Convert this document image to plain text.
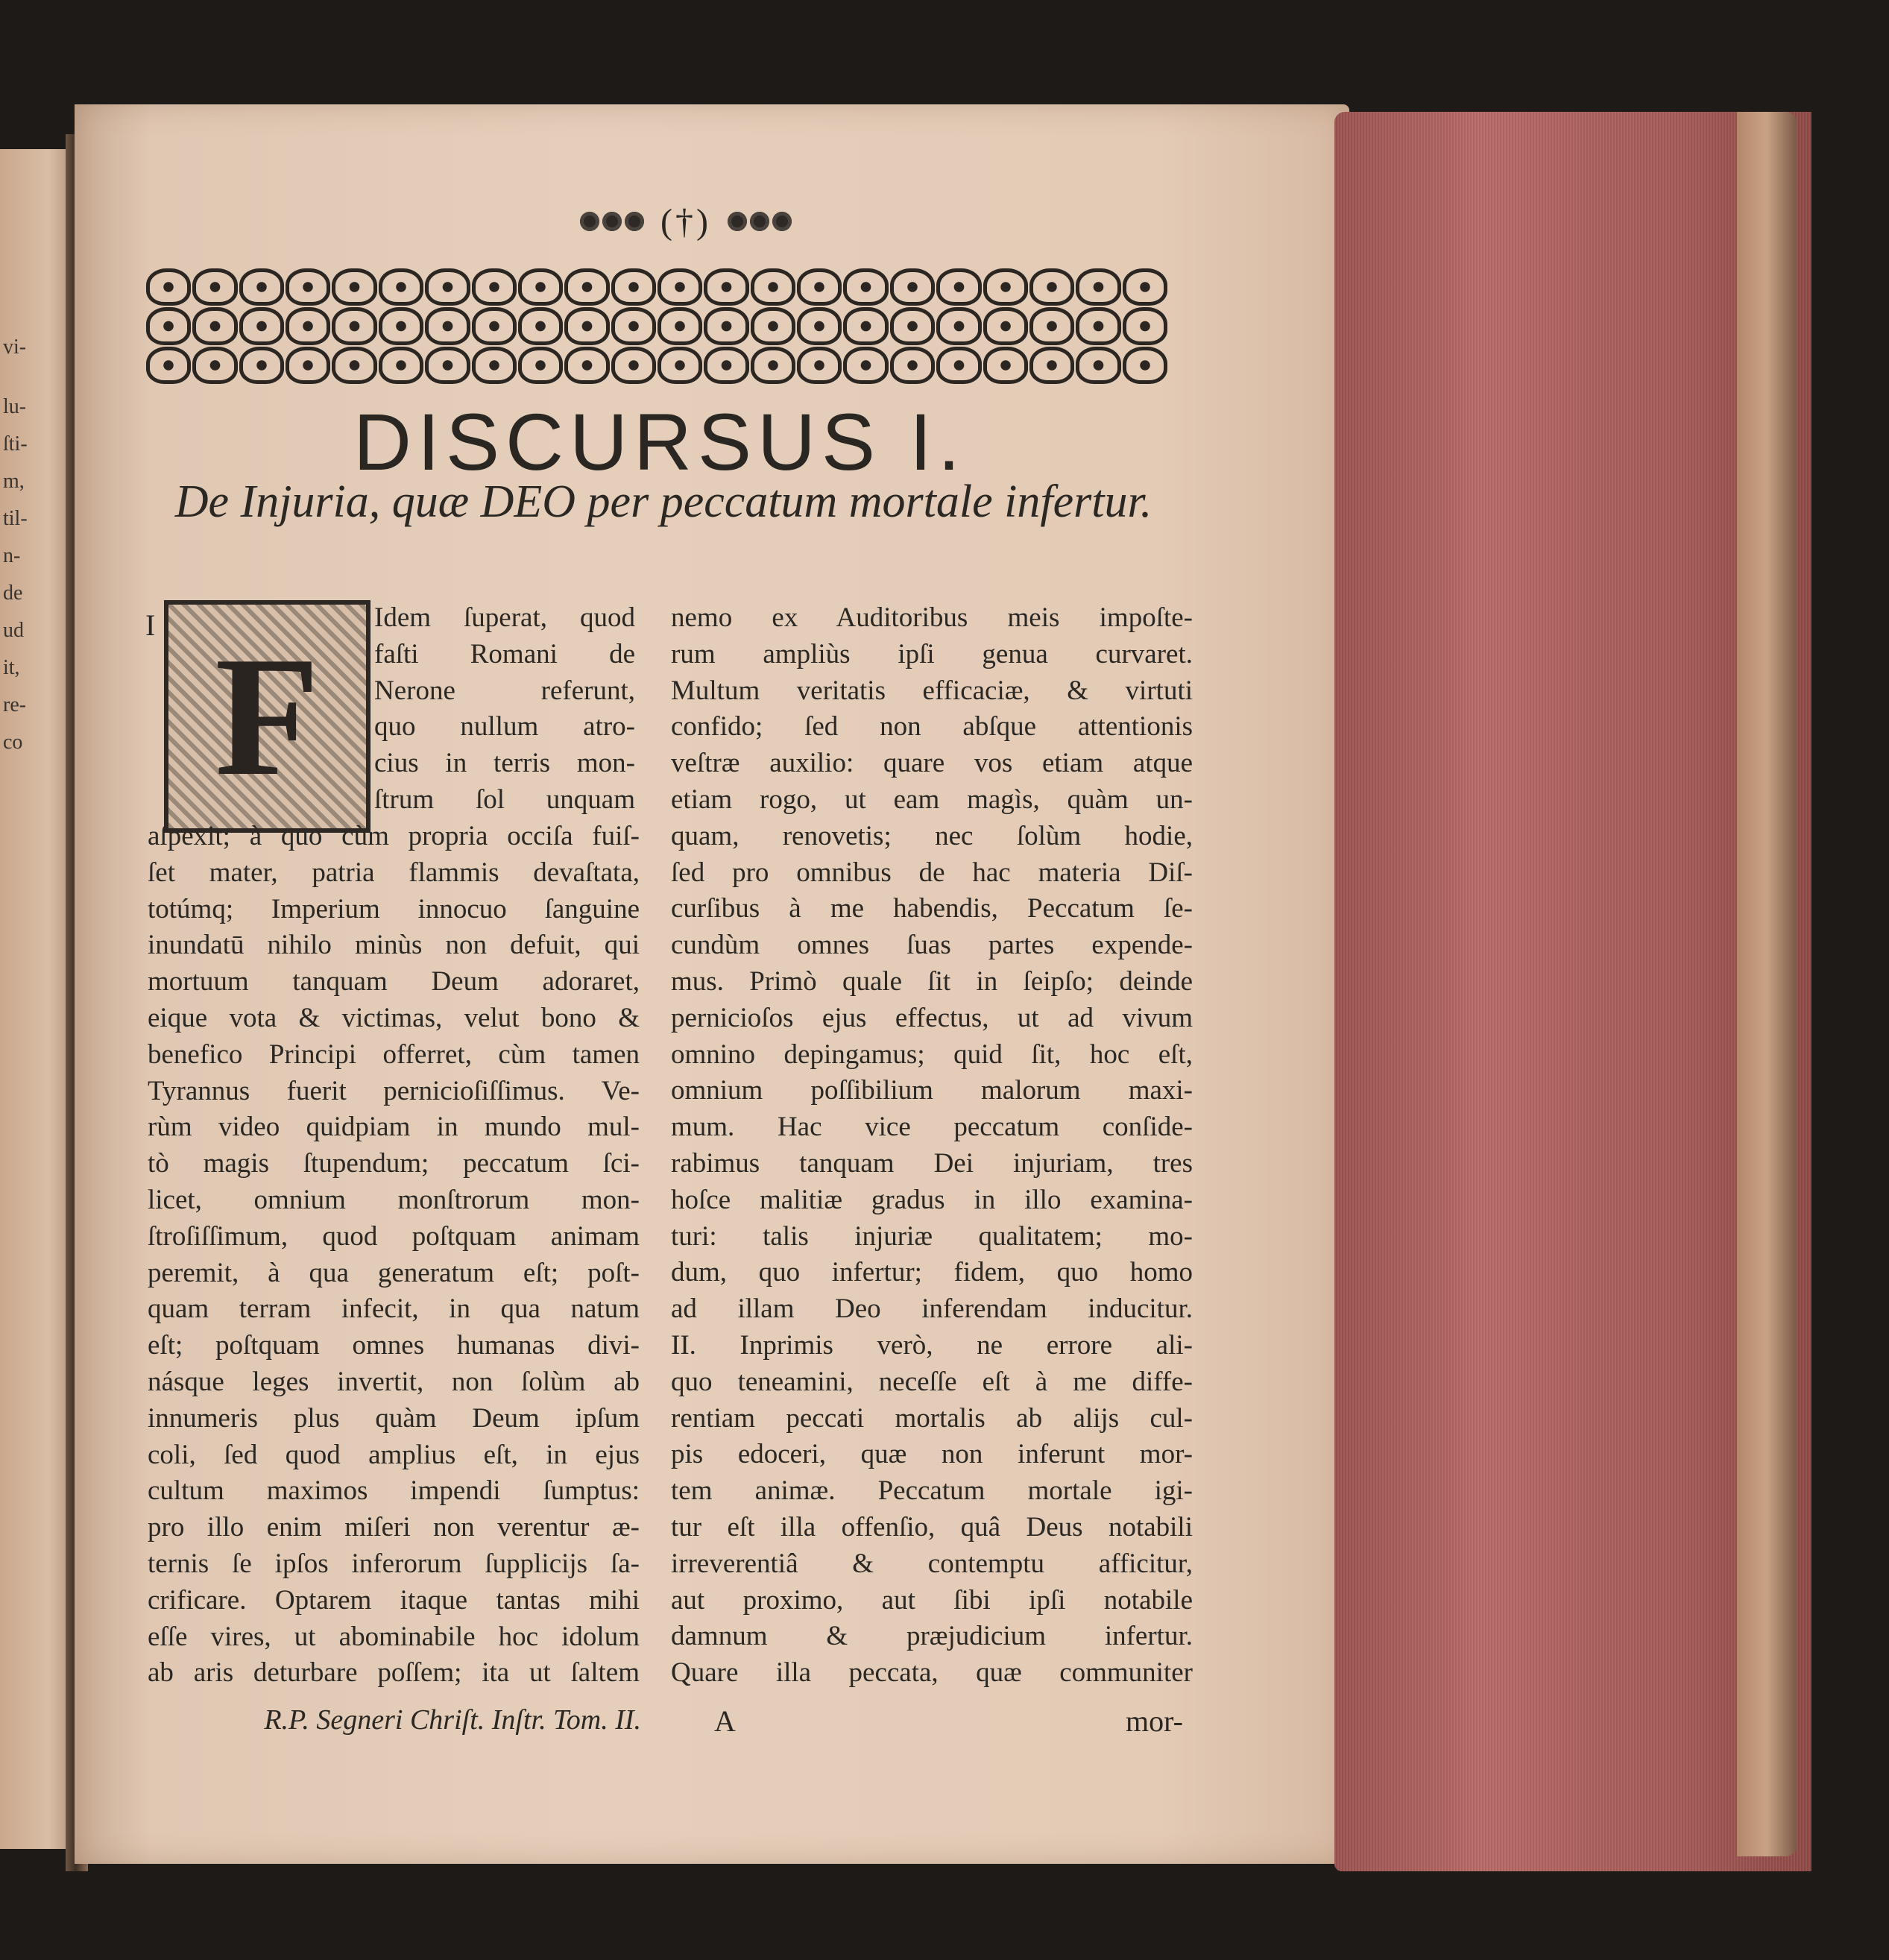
vi-
lu-
ſti-
m,
til-
n-
de
ud
it,
re-
co
(†)
DISCURSUS I.
De Injuria, quæ DEO per peccatum mortale infertur.
I F
Idem ſuperat, quod
faſti Romani de
Nerone referunt,
quo nullum atro-
cius in terris mon-
ſtrum ſol unquam
aſpexit; à quo cùm propria occiſa fuiſ-
ſet mater, patria flammis devaſtata,
totúmq; Imperium innocuo ſanguine
inundatū nihilo minùs non defuit, qui
mortuum tanquam Deum adoraret,
eique vota & victimas, velut bono &
benefico Principi offerret, cùm tamen
Tyrannus fuerit pernicioſiſſimus. Ve-
rùm video quidpiam in mundo mul-
tò magis ſtupendum; peccatum ſci-
licet, omnium monſtrorum mon-
ſtroſiſſimum, quod poſtquam animam
peremit, à qua generatum eſt; poſt-
quam terram infecit, in qua natum
eſt; poſtquam omnes humanas divi-
násque leges invertit, non ſolùm ab
innumeris plus quàm Deum ipſum
coli, ſed quod amplius eſt, in ejus
cultum maximos impendi ſumptus:
pro illo enim miſeri non verentur æ-
ternis ſe ipſos inferorum ſupplicijs ſa-
crificare. Optarem itaque tantas mihi
eſſe vires, ut abominabile hoc idolum
ab aris deturbare poſſem; ita ut ſaltem
nemo ex Auditoribus meis impoſte-
rum ampliùs ipſi genua curvaret.
Multum veritatis efficaciæ, & virtuti
confido; ſed non abſque attentionis
veſtræ auxilio: quare vos etiam atque
etiam rogo, ut eam magìs, quàm un-
quam, renovetis; nec ſolùm hodie,
ſed pro omnibus de hac materia Diſ-
curſibus à me habendis, Peccatum ſe-
cundùm omnes ſuas partes expende-
mus. Primò quale ſit in ſeipſo; deinde
pernicioſos ejus effectus, ut ad vivum
omnino depingamus; quid ſit, hoc eſt,
omnium poſſibilium malorum maxi-
mum. Hac vice peccatum conſide-
rabimus tanquam Dei injuriam, tres
hoſce malitiæ gradus in illo examina-
turi: talis injuriæ qualitatem; mo-
dum, quo infertur; fidem, quo homo
ad illam Deo inferendam inducitur.
II. Inprimis verò, ne errore ali-
quo teneamini, neceſſe eſt à me diffe-
rentiam peccati mortalis ab alijs cul-
pis edoceri, quæ non inferunt mor-
tem animæ. Peccatum mortale igi-
tur eſt illa offenſio, quâ Deus notabili
irreverentiâ & contemptu afficitur,
aut proximo, aut ſibi ipſi notabile
damnum & præjudicium infertur.
Quare illa peccata, quæ communiter
R.P. Segneri Chriſt. Inſtr. Tom. II. A	mor-
